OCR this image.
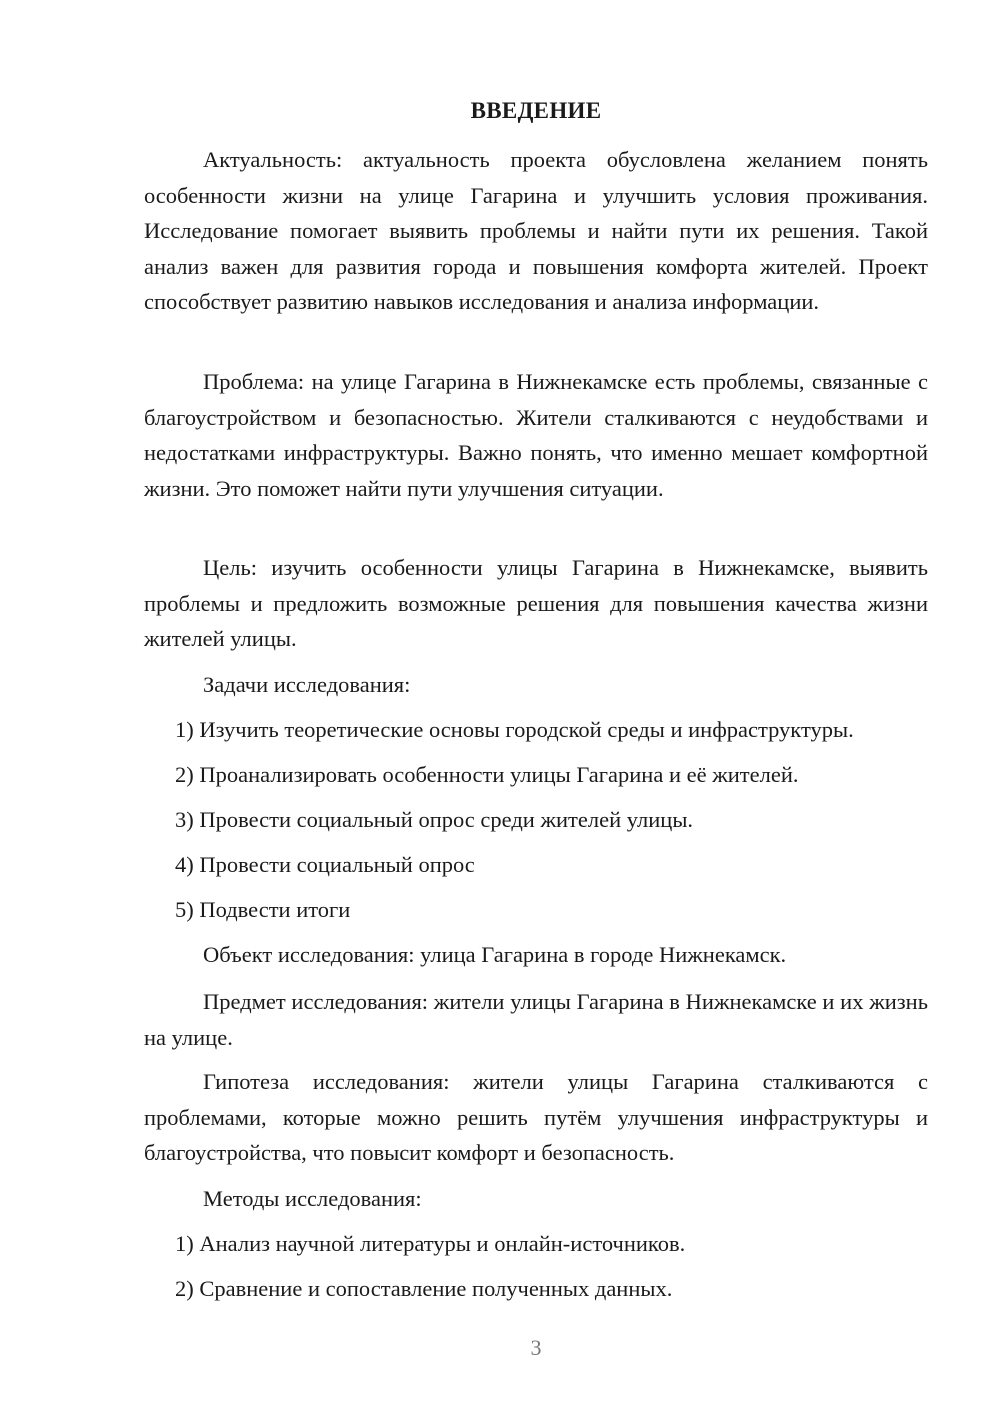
ВВЕДЕНИЕ

Актуальность: актуальность проекта обусловлена желанием понять особенности жизни на улице Гагарина и улучшить условия проживания. Исследование помогает выявить проблемы и найти пути их решения. Такой анализ важен для развития города и повышения комфорта жителей. Проект способствует развитию навыков исследования и анализа информации.

Проблема: на улице Гагарина в Нижнекамске есть проблемы, связанные с благоустройством и безопасностью. Жители сталкиваются с неудобствами и недостатками инфраструктуры. Важно понять, что именно мешает комфортной жизни. Это поможет найти пути улучшения ситуации.

Цель: изучить особенности улицы Гагарина в Нижнекамске, выявить проблемы и предложить возможные решения для повышения качества жизни жителей улицы.

Задачи исследования:

1) Изучить теоретические основы городской среды и инфраструктуры.

2) Проанализировать особенности улицы Гагарина и её жителей.

3) Провести социальный опрос среди жителей улицы.

4) Провести социальный опрос

5) Подвести итоги

Объект исследования: улица Гагарина в городе Нижнекамск.

Предмет исследования: жители улицы Гагарина в Нижнекамске и их жизнь на улице.

Гипотеза исследования: жители улицы Гагарина сталкиваются с проблемами, которые можно решить путём улучшения инфраструктуры и благоустройства, что повысит комфорт и безопасность.

Методы исследования:

1) Анализ научной литературы и онлайн-источников.

2) Сравнение и сопоставление полученных данных.

3
